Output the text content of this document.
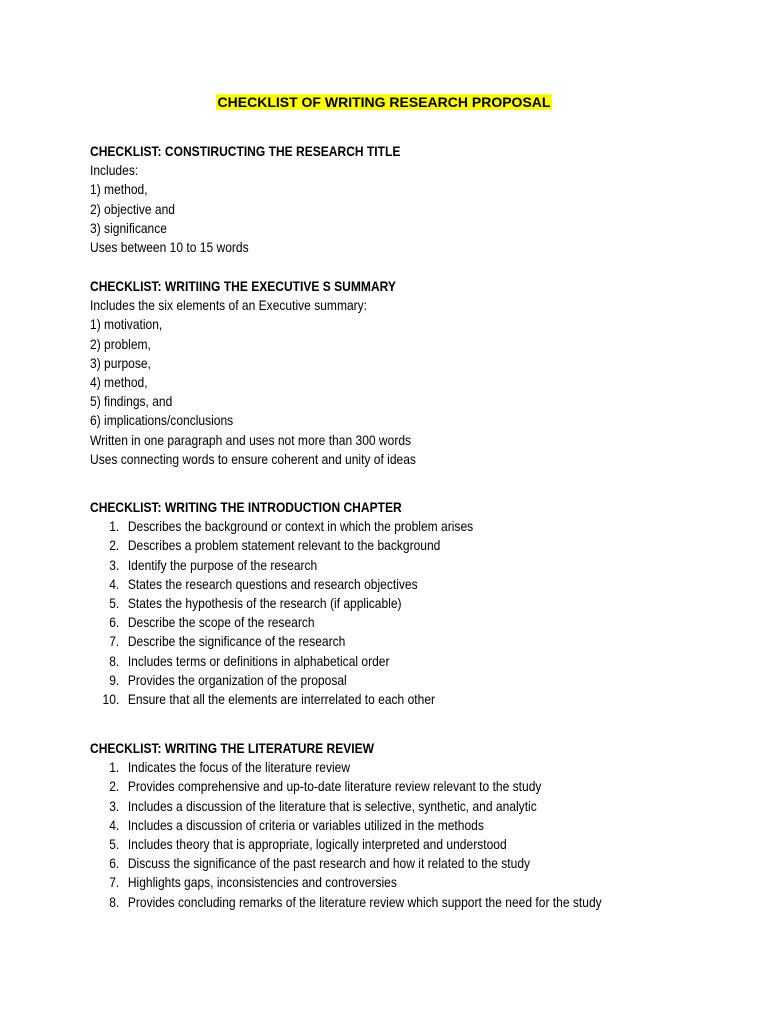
CHECKLIST OF WRITING RESEARCH PROPOSAL

CHECKLIST: CONSTIRUCTING THE RESEARCH TITLE

Includes:

1) method,

2) objective and

3) significance

Uses between 10 to 15 words

CHECKLIST: WRITIING THE EXECUTIVE S SUMMARY

Includes the six elements of an Executive summary:

1) motivation,

2) problem,

3) purpose,

4) method,

5) findings, and

6) implications/conclusions

Written in one paragraph and uses not more than 300 words

Uses connecting words to ensure coherent and unity of ideas

CHECKLIST: WRITING THE INTRODUCTION CHAPTER

1. Describes the background or context in which the problem arises
2. Describes a problem statement relevant to the background
3. Identify the purpose of the research
4. States the research questions and research objectives
5. States the hypothesis of the research (if applicable)
6. Describe the scope of the research
7. Describe the significance of the research
8. Includes terms or definitions in alphabetical order
9. Provides the organization of the proposal
10. Ensure that all the elements are interrelated to each other

CHECKLIST: WRITING THE LITERATURE REVIEW

1. Indicates the focus of the literature review
2. Provides comprehensive and up-to-date literature review relevant to the study
3. Includes a discussion of the literature that is selective, synthetic, and analytic
4. Includes a discussion of criteria or variables utilized in the methods
5. Includes theory that is appropriate, logically interpreted and understood
6. Discuss the significance of the past research and how it related to the study
7. Highlights gaps, inconsistencies and controversies
8. Provides concluding remarks of the literature review which support the need for the study
